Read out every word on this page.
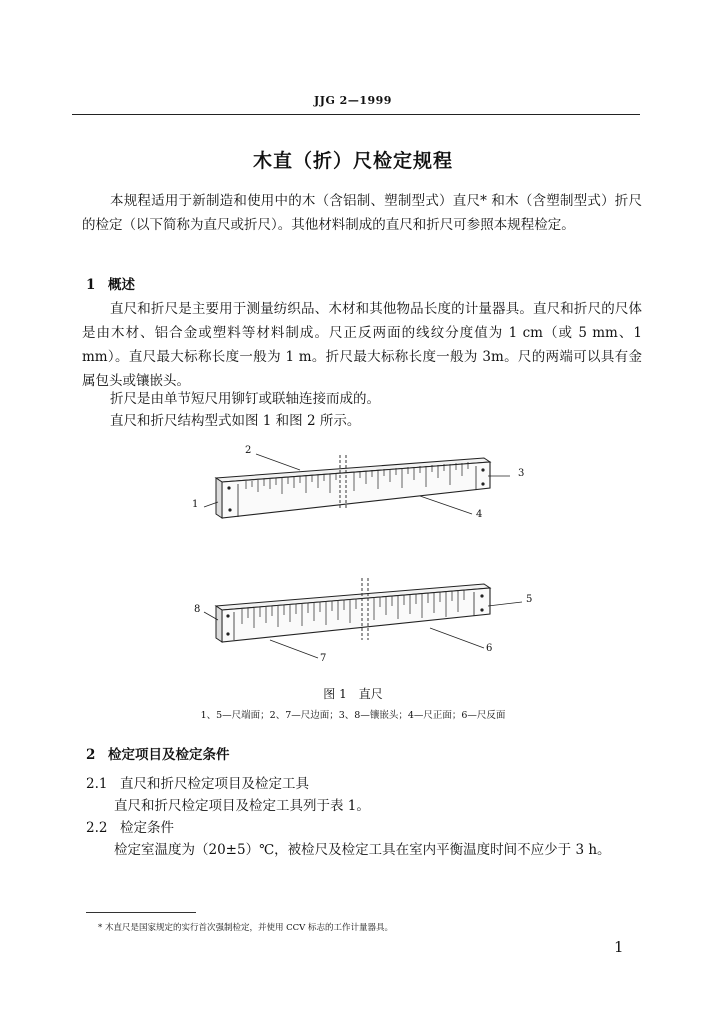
JJG 2—1999
木直（折）尺检定规程
本规程适用于新制造和使用中的木（含铝制、塑制型式）直尺* 和木（含塑制型式）折尺的检定（以下简称为直尺或折尺）。其他材料制成的直尺和折尺可参照本规程检定。
1 概述
直尺和折尺是主要用于测量纺织品、木材和其他物品长度的计量器具。直尺和折尺的尺体是由木材、铝合金或塑料等材料制成。尺正反两面的线纹分度值为 1 cm（或 5 mm、1 mm）。直尺最大标称长度一般为 1 m。折尺最大标称长度一般为 3m。尺的两端可以具有金属包头或镶嵌头。
折尺是由单节短尺用铆钉或联轴连接而成的。
直尺和折尺结构型式如图 1 和图 2 所示。
1
2
3
4
5
6
7
8
图 1　直尺
1、5—尺端面；2、7—尺边面；3、8—镶嵌头；4—尺正面；6—尺反面
2 检定项目及检定条件
2.1 直尺和折尺检定项目及检定工具
直尺和折尺检定项目及检定工具列于表 1。
2.2 检定条件
检定室温度为（20±5）℃，被检尺及检定工具在室内平衡温度时间不应少于 3 h。
* 木直尺是国家规定的实行首次强制检定，并使用 CCV 标志的工作计量器具。
1
